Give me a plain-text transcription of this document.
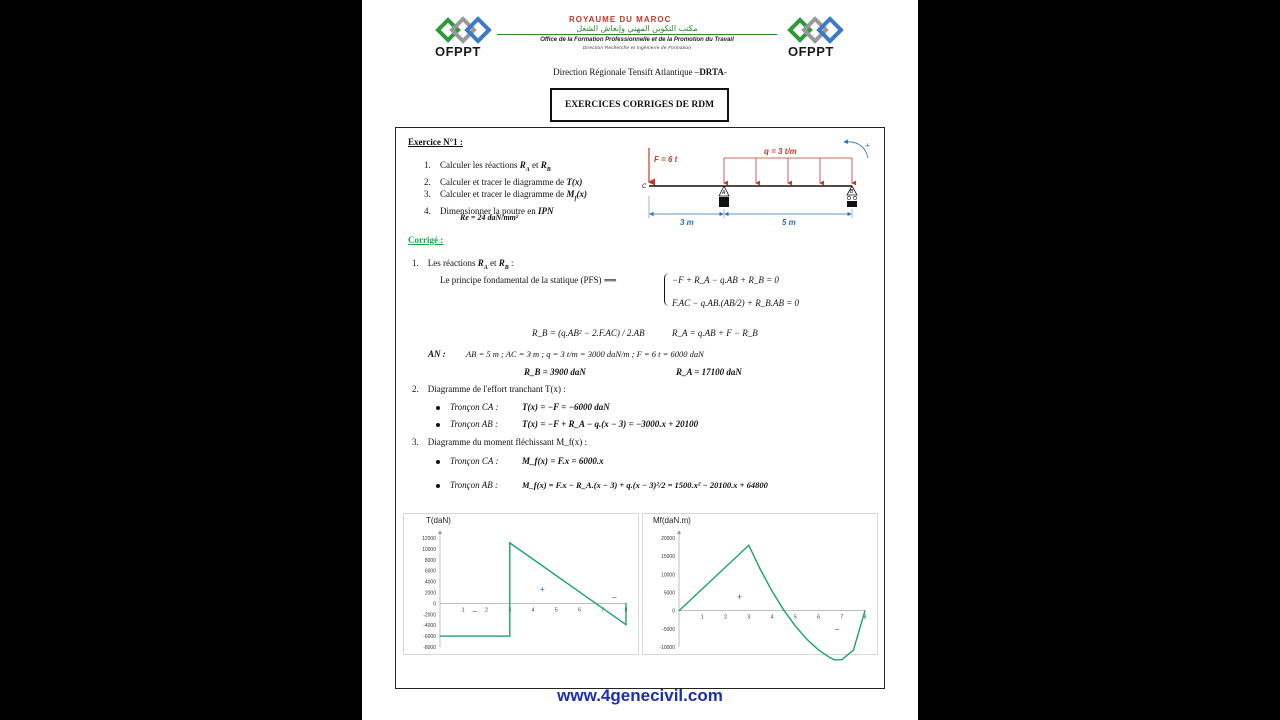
OFPPT
ROYAUME DU MAROC
مكتب التكوين المهني وإنعاش الشغل
Office de la Formation Professionnelle et de la Promotion du Travail
Direction Recherche et Ingénierie de Formation	OFPPT
Direction Régionale Tensift Atlantique –DRTA-
EXERCICES CORRIGES DE RDM
Exercice N°1 :
1. Calculer les réactions $R_A$ et $R_B$
2. Calculer et tracer le diagramme de T(x)
3. Calculer et tracer le diagramme de $M_f(x)$
4. Dimensionner la poutre en IPN
Re = 24 daN/mm²
F = 6 t
q = 3 t/m
C
A	B
3 m	5 m
+
Corrigé :
1.    Les réactions $R_A$ et $R_B$ :
Le principe fondamental de la statique (PFS) ⟹	−F + R_A − q.AB + R_B = 0
F.AC − q.AB.(AB/2) + R_B.AB = 0
R_B = (q.AB² − 2.F.AC) / 2.AB	R_A = q.AB + F − R_B
AN : AB = 5 m ; AC = 3 m ; q = 3 t/m = 3000 daN/m ; F = 6 t = 6000 daN
R_B = 3900 daN	R_A = 17100 daN
2.    Diagramme de l'effort tranchant T(x) :
Tronçon CA :	T(x) = −F = −6000 daN
Tronçon AB :	T(x) = −F + R_A − q.(x − 3) = −3000.x + 20100
3.    Diagramme du moment fléchissant M_f(x) :
Tronçon CA :	M_f(x) = F.x = 6000.x
Tronçon AB :	M_f(x) = F.x − R_A.(x − 3) + q.(x − 3)²/2 = 1500.x² − 20100.x + 64800
T(daN)
12000
10000
8000
6000
4000
2000
0
-2000
-4000
-6000
-8000
1	2	3	4	5	6	7	8
−
+
−
Mf(daN.m)
20000
15000
10000
5000
0
-5000
-10000
1	2	3	4	5	6	7	8
+
−
www.4genecivil.com
